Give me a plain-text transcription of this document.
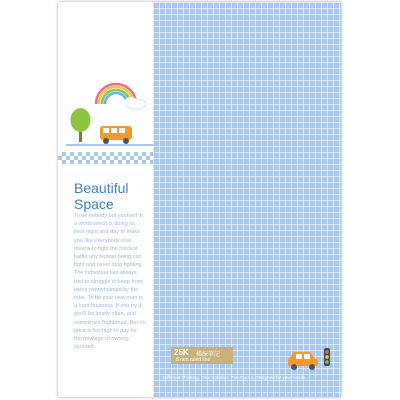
Beautiful
Space
To be nobody but yourself in a world which is doing its best night and day to make you like everybody else means to fight the hardest battle any human being can fight and never stop fighting. The individual has always had to struggle to keep from being overwhelmed by the tribe. To be your own man is a hard business. If you try it, you'll be lonely often, and sometimes frightened. But no price is too high to pay for the privilege of owning yourself.
25K 橫線筆記
8 mm ruled line
Different Thinking. One Solution. Pen-Duct & Designed for your needs.
